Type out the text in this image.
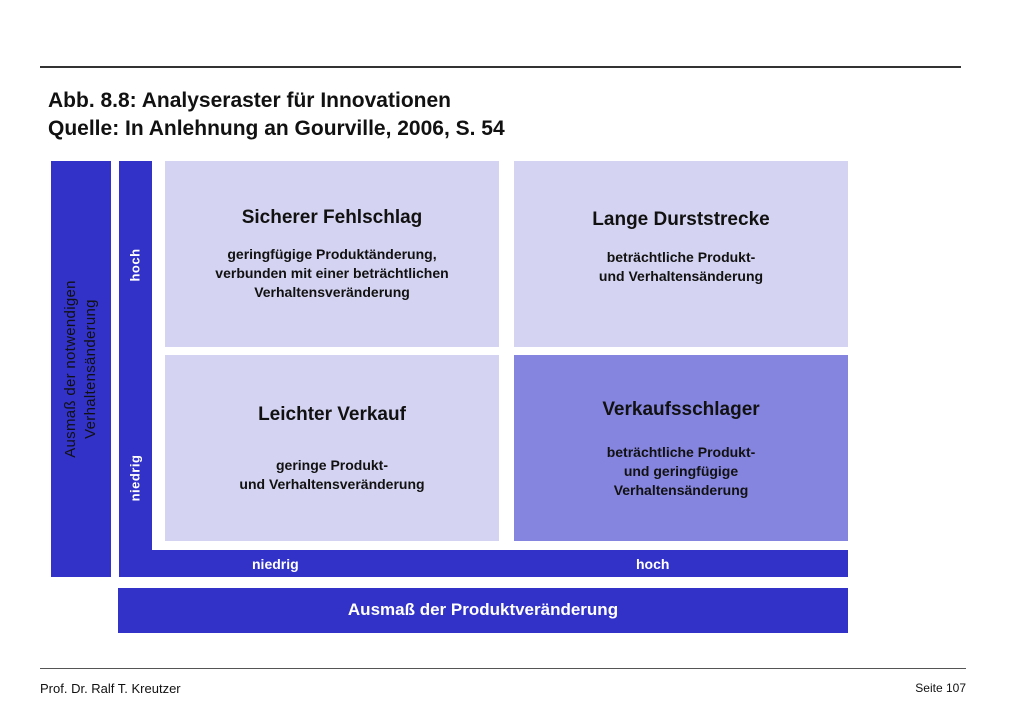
Abb. 8.8: Analyseraster für Innovationen
Quelle: In Anlehnung an Gourville, 2006, S. 54
Ausmaß der notwendigen Verhaltensänderung
hoch
niedrig
niedrig	hoch
Ausmaß der Produktveränderung
Sicherer Fehlschlag
geringfügige Produktänderung,
verbunden mit einer beträchtlichen
Verhaltensveränderung
Lange Durststrecke
beträchtliche Produkt-
und Verhaltensänderung
Leichter Verkauf
geringe Produkt-
und Verhaltensveränderung
Verkaufsschlager
beträchtliche Produkt-
und geringfügige
Verhaltensänderung
Prof. Dr. Ralf T. Kreutzer	Seite 107
